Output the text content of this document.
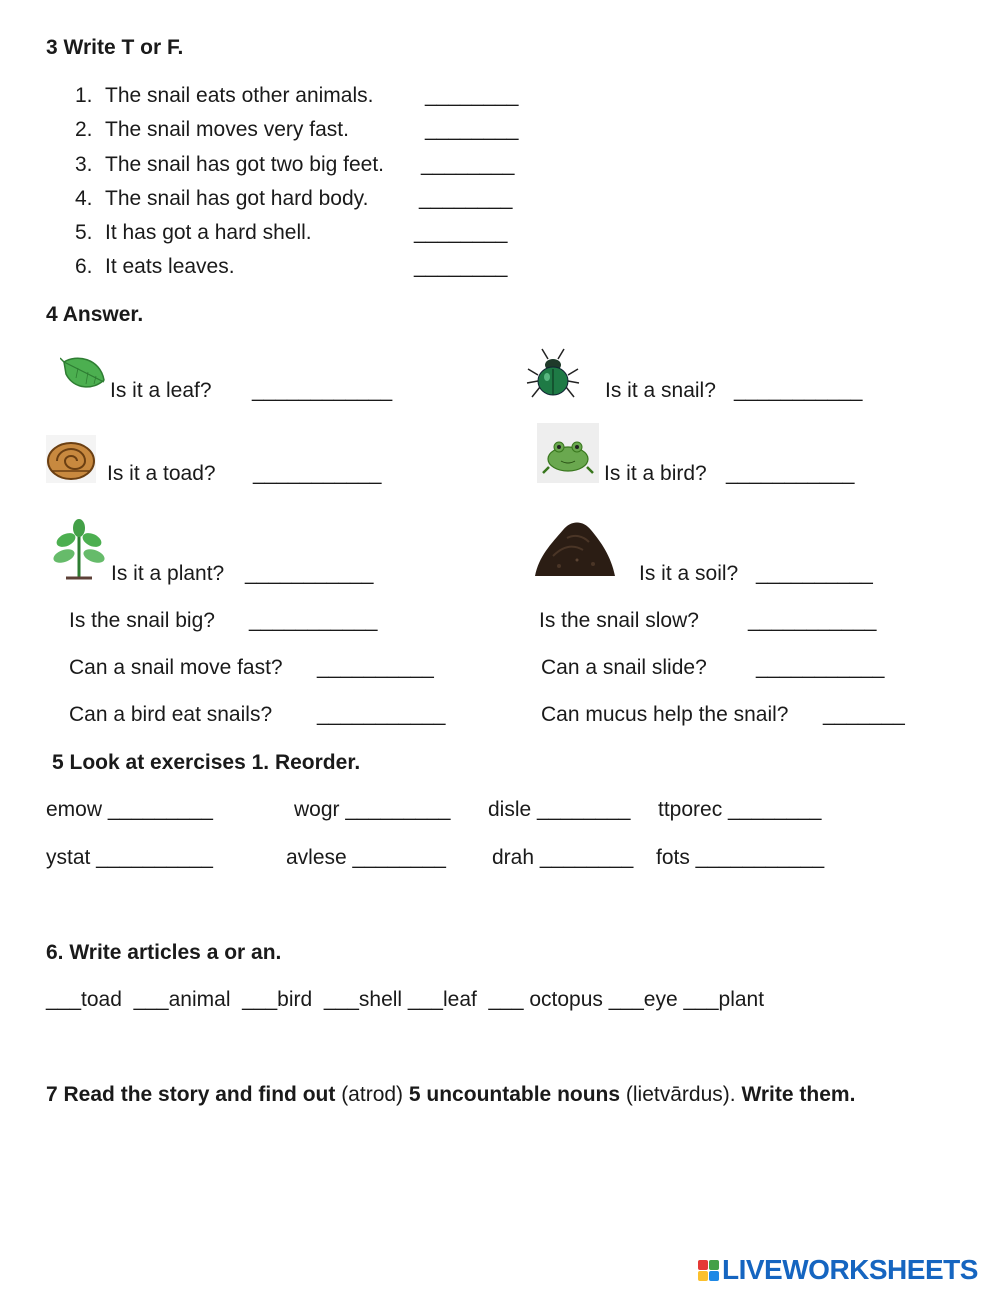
3 Write T or F.
1. The snail eats other animals. ________
2. The snail moves very fast.	________
3. The snail has got two big feet. ________
4. The snail has got hard body. ________
5. It has got a hard shell.	________
6. It eats leaves.	________
4 Answer.
Is it a leaf? ____________	Is it a snail? ___________
Is it a toad? ___________	Is it a bird? ___________
Is it a plant? ___________	Is it a soil? __________
Is the snail big? ___________	Is the snail slow? ___________
Can a snail move fast? __________	Can a snail slide? ___________
Can a bird eat snails? ___________	Can mucus help the snail? _______
5 Look at exercises 1. Reorder.
emow _________	wogr _________ disle ________ ttporec ________
ystat __________	avlese ________ drah ________ fots ___________
6. Write articles a or an.
___toad  ___animal  ___bird  ___shell ___leaf  ___ octopus ___eye ___plant
7 Read the story and find out (atrod) 5 uncountable nouns (lietvārdus). Write them.
LIVEWORKSHEETS
